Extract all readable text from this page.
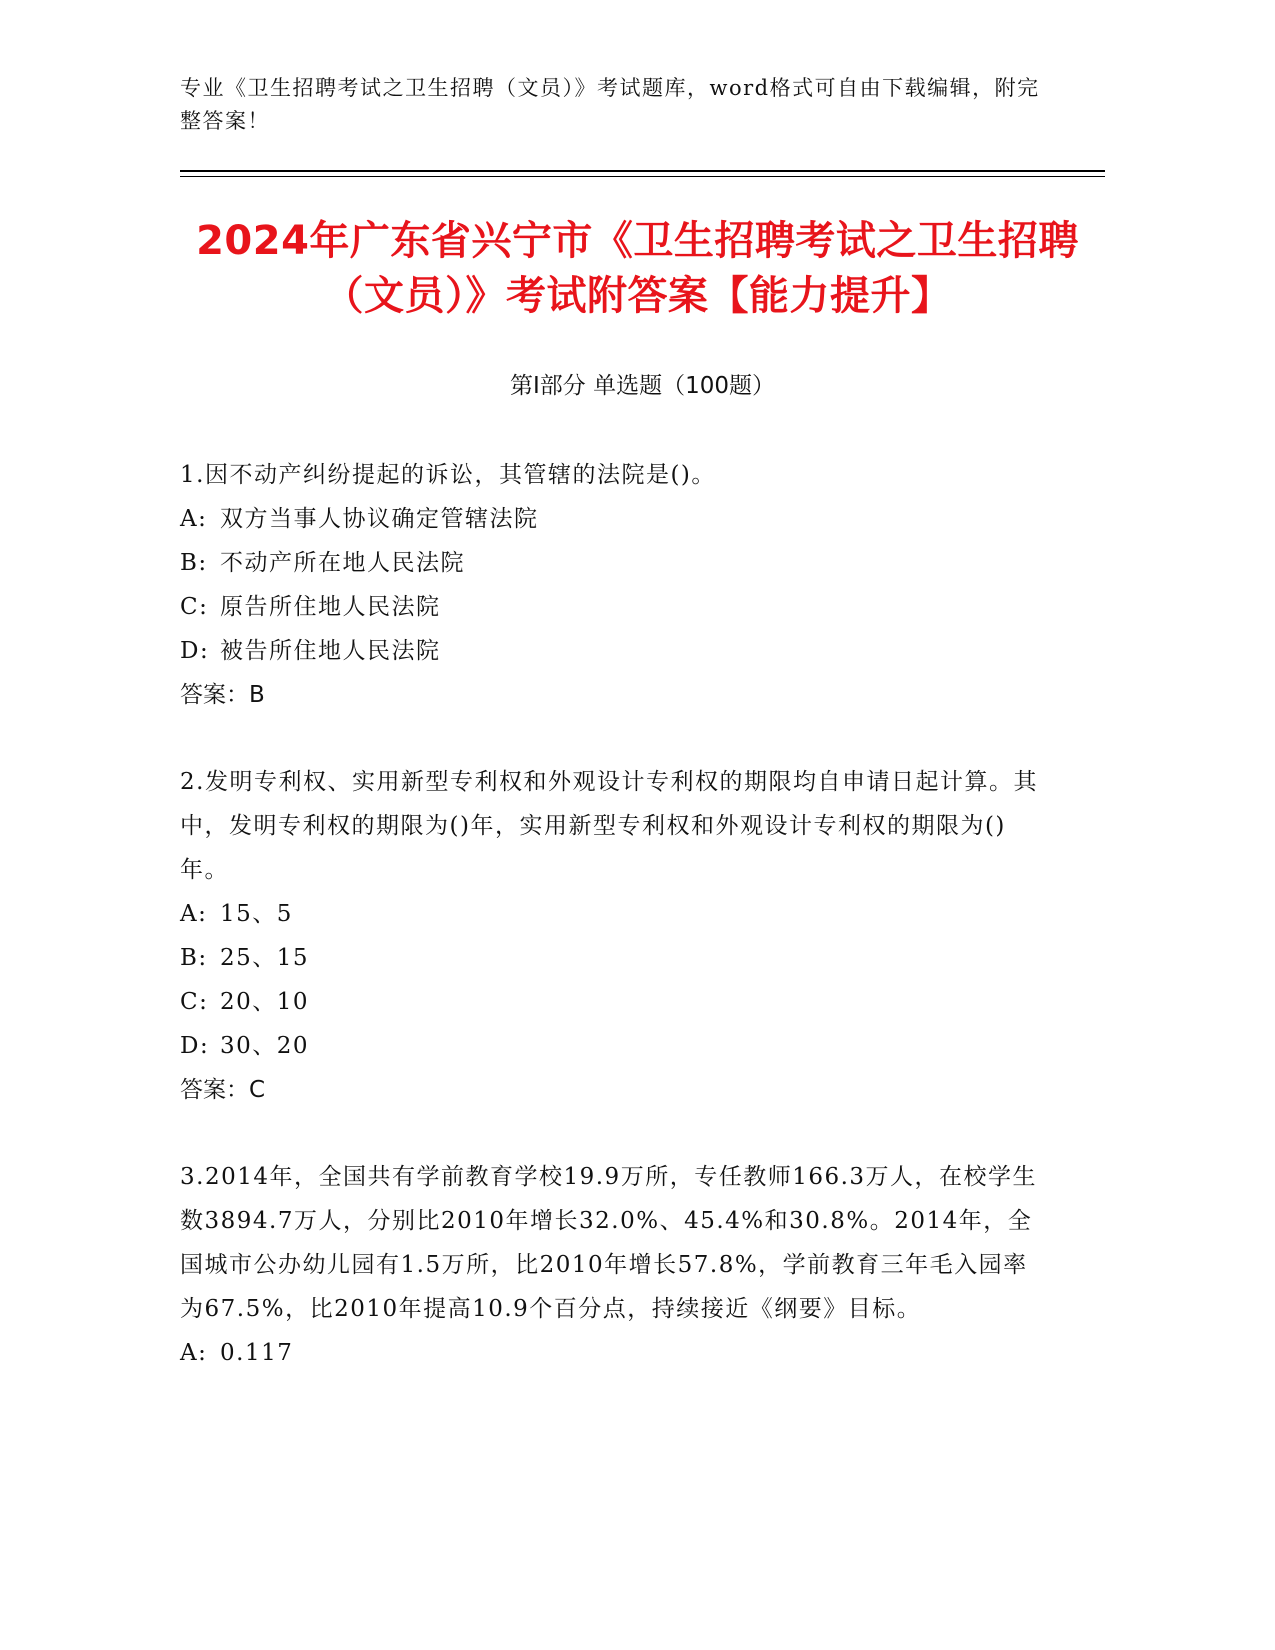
专业《卫生招聘考试之卫生招聘（文员）》考试题库，word格式可自由下载编辑，附完整答案！
2024年广东省兴宁市《卫生招聘考试之卫生招聘（文员）》考试附答案【能力提升】
第I部分 单选题（100题）
1.因不动产纠纷提起的诉讼，其管辖的法院是()。
A: 双方当事人协议确定管辖法院
B: 不动产所在地人民法院
C: 原告所住地人民法院
D: 被告所住地人民法院
答案：B
2.发明专利权、实用新型专利权和外观设计专利权的期限均自申请日起计算。其中，发明专利权的期限为()年，实用新型专利权和外观设计专利权的期限为()年。
A: 15、5
B: 25、15
C: 20、10
D: 30、20
答案：C
3.2014年，全国共有学前教育学校19.9万所，专任教师166.3万人，在校学生数3894.7万人，分别比2010年增长32.0%、45.4%和30.8%。2014年，全国城市公办幼儿园有1.5万所，比2010年增长57.8%，学前教育三年毛入园率为67.5%，比2010年提高10.9个百分点，持续接近《纲要》目标。
A: 0.117
